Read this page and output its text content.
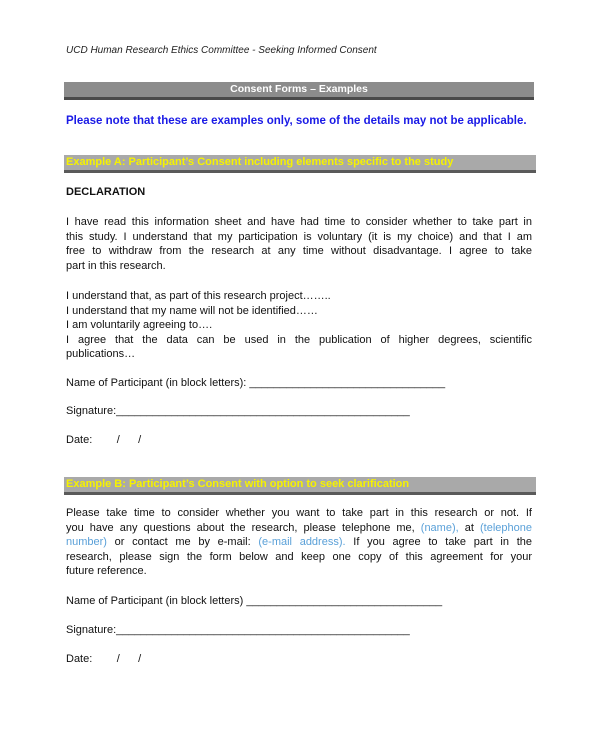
UCD Human Research Ethics Committee - Seeking Informed Consent
Consent Forms – Examples
Please note that these are examples only, some of the details may not be applicable.
Example A: Participant’s Consent including elements specific to the study
DECLARATION
I have read this information sheet and have had time to consider whether to take part in
this study. I understand that my participation is voluntary (it is my choice) and that I am
free to withdraw from the research at any time without disadvantage. I agree to take
part in this research.
I understand that, as part of this research project……..
I understand that my name will not be identified……
I am voluntarily agreeing to….
I agree that the data can be used in the publication of higher degrees, scientific
publications…
Name of Participant (in block letters): ________________________________
Signature:________________________________________________
Date:        /      /
Example B: Participant’s Consent with option to seek clarification
Please take time to consider whether you want to take part in this research or not. If
you have any questions about the research, please telephone me, (name), at (telephone
number) or contact me by e-mail: (e-mail address). If you agree to take part in the
research, please sign the form below and keep one copy of this agreement for your
future reference.
Name of Participant (in block letters) ________________________________
Signature:________________________________________________
Date:        /      /
